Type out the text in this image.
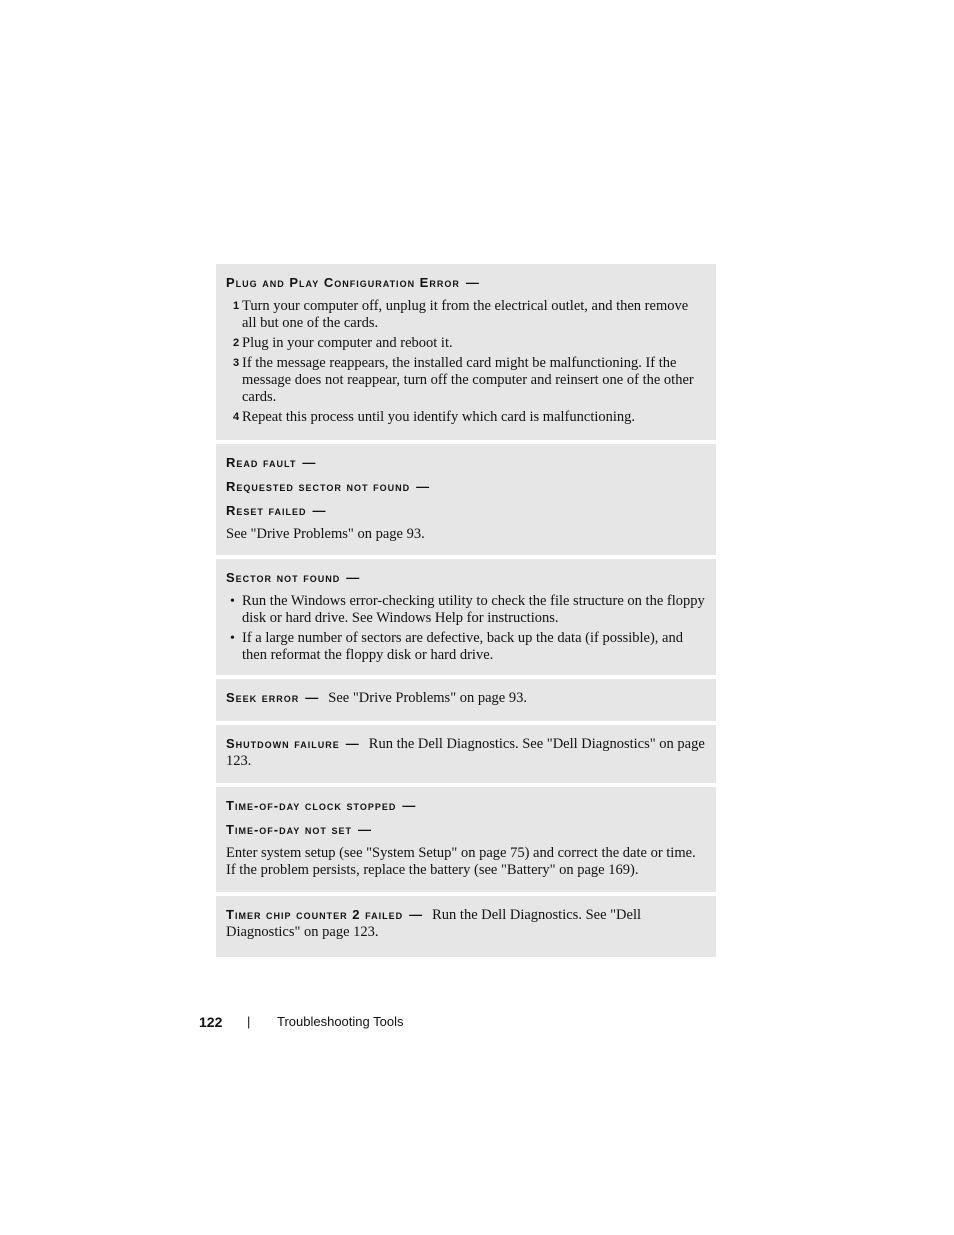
Plug and Play Configuration Error —
1 Turn your computer off, unplug it from the electrical outlet, and then remove all but one of the cards.
2 Plug in your computer and reboot it.
3 If the message reappears, the installed card might be malfunctioning. If the message does not reappear, turn off the computer and reinsert one of the other cards.
4 Repeat this process until you identify which card is malfunctioning.
Read fault —
Requested sector not found —
Reset failed —
See "Drive Problems" on page 93.
Sector not found —
• Run the Windows error-checking utility to check the file structure on the floppy disk or hard drive. See Windows Help for instructions.
• If a large number of sectors are defective, back up the data (if possible), and then reformat the floppy disk or hard drive.
Seek error — See "Drive Problems" on page 93.
Shutdown failure — Run the Dell Diagnostics. See "Dell Diagnostics" on page 123.
Time-of-day clock stopped —
Time-of-day not set —
Enter system setup (see "System Setup" on page 75) and correct the date or time. If the problem persists, replace the battery (see "Battery" on page 169).
Timer chip counter 2 failed — Run the Dell Diagnostics. See "Dell Diagnostics" on page 123.
122 | Troubleshooting Tools
